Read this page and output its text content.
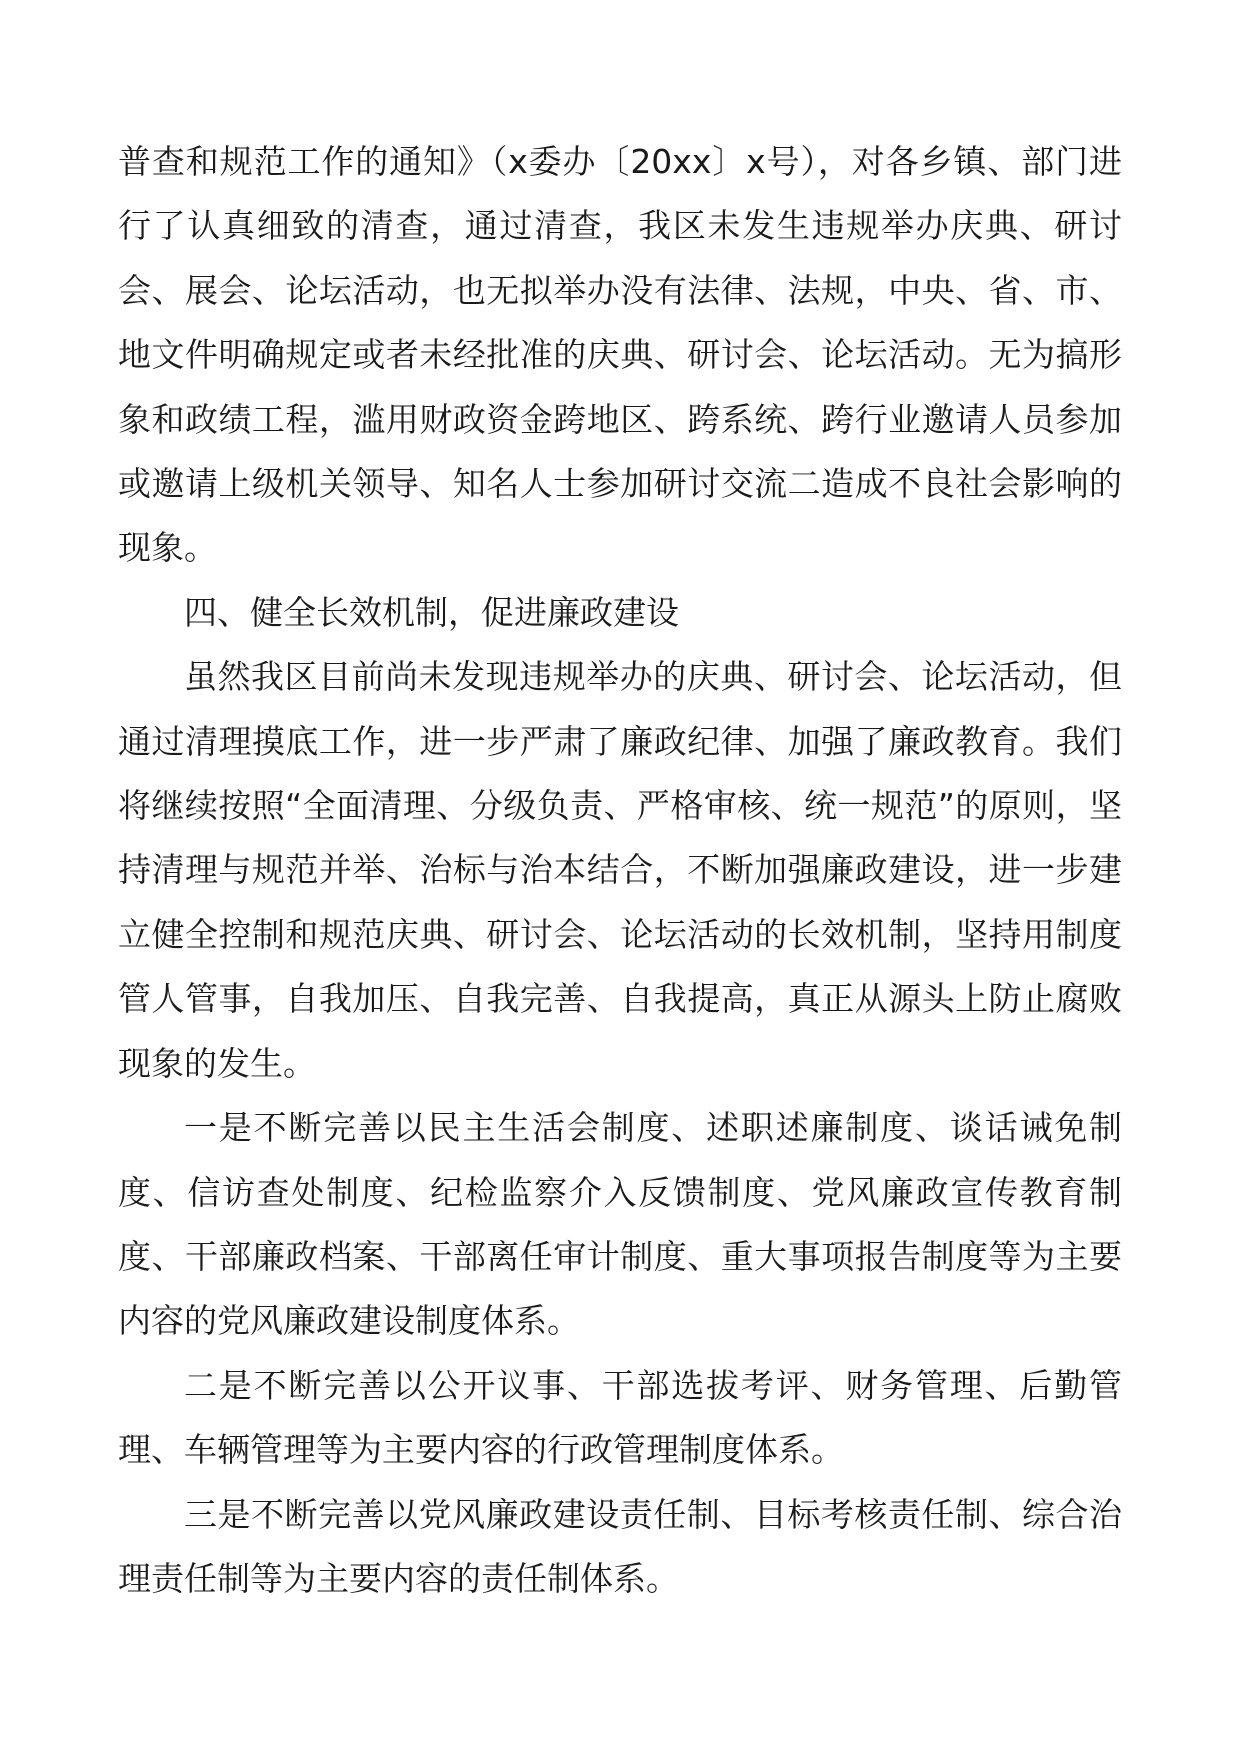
普查和规范工作的通知》（x委办〔20xx〕x号），对各乡镇、部门进行了认真细致的清查，通过清查，我区未发生违规举办庆典、研讨会、展会、论坛活动，也无拟举办没有法律、法规，中央、省、市、地文件明确规定或者未经批准的庆典、研讨会、论坛活动。无为搞形象和政绩工程，滥用财政资金跨地区、跨系统、跨行业邀请人员参加或邀请上级机关领导、知名人士参加研讨交流二造成不良社会影响的现象。

四、健全长效机制，促进廉政建设

虽然我区目前尚未发现违规举办的庆典、研讨会、论坛活动，但通过清理摸底工作，进一步严肃了廉政纪律、加强了廉政教育。我们将继续按照“全面清理、分级负责、严格审核、统一规范”的原则，坚持清理与规范并举、治标与治本结合，不断加强廉政建设，进一步建立健全控制和规范庆典、研讨会、论坛活动的长效机制，坚持用制度管人管事，自我加压、自我完善、自我提高，真正从源头上防止腐败现象的发生。

一是不断完善以民主生活会制度、述职述廉制度、谈话诫免制度、信访查处制度、纪检监察介入反馈制度、党风廉政宣传教育制度、干部廉政档案、干部离任审计制度、重大事项报告制度等为主要内容的党风廉政建设制度体系。

二是不断完善以公开议事、干部选拔考评、财务管理、后勤管理、车辆管理等为主要内容的行政管理制度体系。

三是不断完善以党风廉政建设责任制、目标考核责任制、综合治理责任制等为主要内容的责任制体系。
